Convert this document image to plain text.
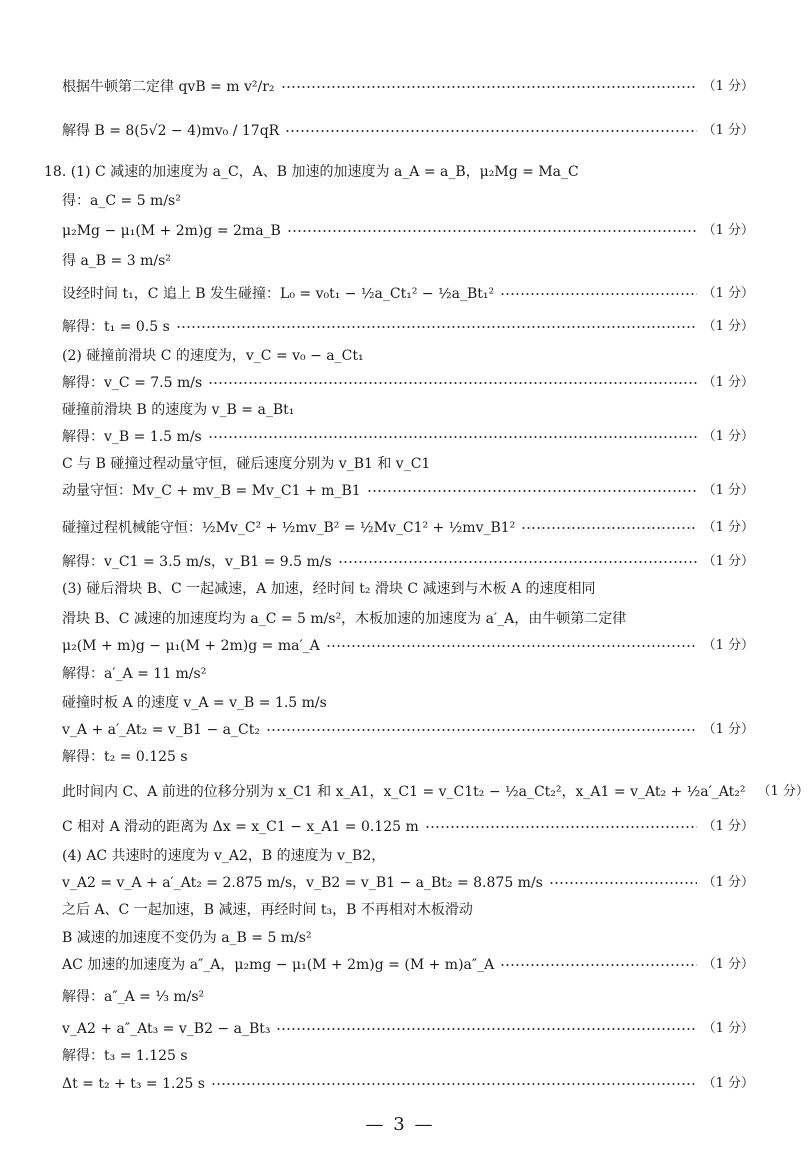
根据牛顿第二定律 qvB = m v²/r₂	（1 分）
解得 B = 8(5√2 − 4)mv₀ / 17qR	（1 分）
18. (1) C 减速的加速度为 a_C，A、B 加速的加速度为 a_A = a_B，μ₂Mg = Ma_C
得：a_C = 5 m/s²
μ₂Mg − μ₁(M + 2m)g = 2ma_B	（1 分）
得 a_B = 3 m/s²
设经时间 t₁，C 追上 B 发生碰撞：L₀ = v₀t₁ − ½a_Ct₁² − ½a_Bt₁²	（1 分）
解得：t₁ = 0.5 s	（1 分）
(2) 碰撞前滑块 C 的速度为，v_C = v₀ − a_Ct₁
解得：v_C = 7.5 m/s	（1 分）
碰撞前滑块 B 的速度为 v_B = a_Bt₁
解得：v_B = 1.5 m/s	（1 分）
C 与 B 碰撞过程动量守恒，碰后速度分别为 v_B1 和 v_C1
动量守恒：Mv_C + mv_B = Mv_C1 + m_B1	（1 分）
碰撞过程机械能守恒：½Mv_C² + ½mv_B² = ½Mv_C1² + ½mv_B1²	（1 分）
解得：v_C1 = 3.5 m/s，v_B1 = 9.5 m/s	（1 分）
(3) 碰后滑块 B、C 一起减速，A 加速，经时间 t₂ 滑块 C 减速到与木板 A 的速度相同
滑块 B、C 减速的加速度均为 a_C = 5 m/s²，木板加速的加速度为 a′_A，由牛顿第二定律
μ₂(M + m)g − μ₁(M + 2m)g = ma′_A	（1 分）
解得：a′_A = 11 m/s²
碰撞时板 A 的速度 v_A = v_B = 1.5 m/s
v_A + a′_At₂ = v_B1 − a_Ct₂	（1 分）
解得：t₂ = 0.125 s
此时间内 C、A 前进的位移分别为 x_C1 和 x_A1，x_C1 = v_C1t₂ − ½a_Ct₂²，x_A1 = v_At₂ + ½a′_At₂² （1 分）
C 相对 A 滑动的距离为 Δx = x_C1 − x_A1 = 0.125 m	（1 分）
(4) AC 共速时的速度为 v_A2，B 的速度为 v_B2，
v_A2 = v_A + a′_At₂ = 2.875 m/s，v_B2 = v_B1 − a_Bt₂ = 8.875 m/s	（1 分）
之后 A、C 一起加速，B 减速，再经时间 t₃，B 不再相对木板滑动
B 减速的加速度不变仍为 a_B = 5 m/s²
AC 加速的加速度为 a″_A，μ₂mg − μ₁(M + 2m)g = (M + m)a″_A	（1 分）
解得：a″_A = ⅓ m/s²
v_A2 + a″_At₃ = v_B2 − a_Bt₃	（1 分）
解得：t₃ = 1.125 s
Δt = t₂ + t₃ = 1.25 s	（1 分）
— 3 —
